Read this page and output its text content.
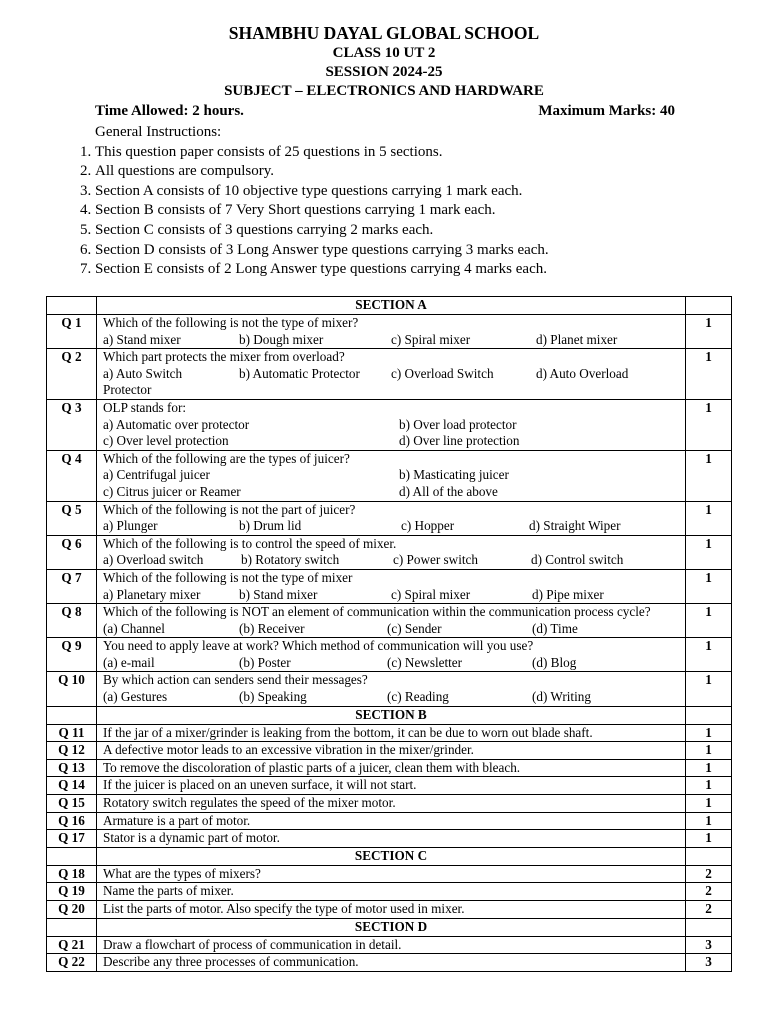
SHAMBHU DAYAL GLOBAL SCHOOL
CLASS 10 UT 2
SESSION 2024-25
SUBJECT – ELECTRONICS AND HARDWARE
Time Allowed: 2 hours.	Maximum Marks: 40
General Instructions:
1. This question paper consists of 25 questions in 5 sections.
2. All questions are compulsory.
3. Section A consists of 10 objective type questions carrying 1 mark each.
4. Section B consists of 7 Very Short questions carrying 1 mark each.
5. Section C consists of 3 questions carrying 2 marks each.
6. Section D consists of 3 Long Answer type questions carrying 3 marks each.
7. Section E consists of 2 Long Answer type questions carrying 4 marks each.
	SECTION A	
Q 1	Which of the following is not the type of mixer?
a) Stand mixer b) Dough mixer c) Spiral mixer d) Planet mixer	1
Q 2	Which part protects the mixer from overload?
a) Auto Switch b) Automatic Protector c) Overload Switch d) Auto Overload Protector	1
Q 3	OLP stands for:
a) Automatic over protector b) Over load protector
c) Over level protection d) Over line protection	1
Q 4	Which of the following are the types of juicer?
a) Centrifugal juicer b) Masticating juicer
c) Citrus juicer or Reamer d) All of the above	1
Q 5	Which of the following is not the part of juicer?
a) Plunger b) Drum lid c) Hopper d) Straight Wiper	1
Q 6	Which of the following is to control the speed of mixer.
a) Overload switch b) Rotatory switch c) Power switch d) Control switch	1
Q 7	Which of the following is not the type of mixer
a) Planetary mixer b) Stand mixer c) Spiral mixer d) Pipe mixer	1
Q 8	Which of the following is NOT an element of communication within the communication process cycle?
(a) Channel (b) Receiver (c) Sender (d) Time	1
Q 9	You need to apply leave at work? Which method of communication will you use?
(a) e-mail (b) Poster (c) Newsletter (d) Blog	1
Q 10	By which action can senders send their messages?
(a) Gestures (b) Speaking (c) Reading (d) Writing	1
	SECTION B	
Q 11	If the jar of a mixer/grinder is leaking from the bottom, it can be due to worn out blade shaft.	1
Q 12	A defective motor leads to an excessive vibration in the mixer/grinder.	1
Q 13	To remove the discoloration of plastic parts of a juicer, clean them with bleach.	1
Q 14	If the juicer is placed on an uneven surface, it will not start.	1
Q 15	Rotatory switch regulates the speed of the mixer motor.	1
Q 16	Armature is a part of motor.	1
Q 17	Stator is a dynamic part of motor.	1
	SECTION C	
Q 18	What are the types of mixers?	2
Q 19	Name the parts of mixer.	2
Q 20	List the parts of motor. Also specify the type of motor used in mixer.	2
	SECTION D	
Q 21	Draw a flowchart of process of communication in detail.	3
Q 22	Describe any three processes of communication.	3
